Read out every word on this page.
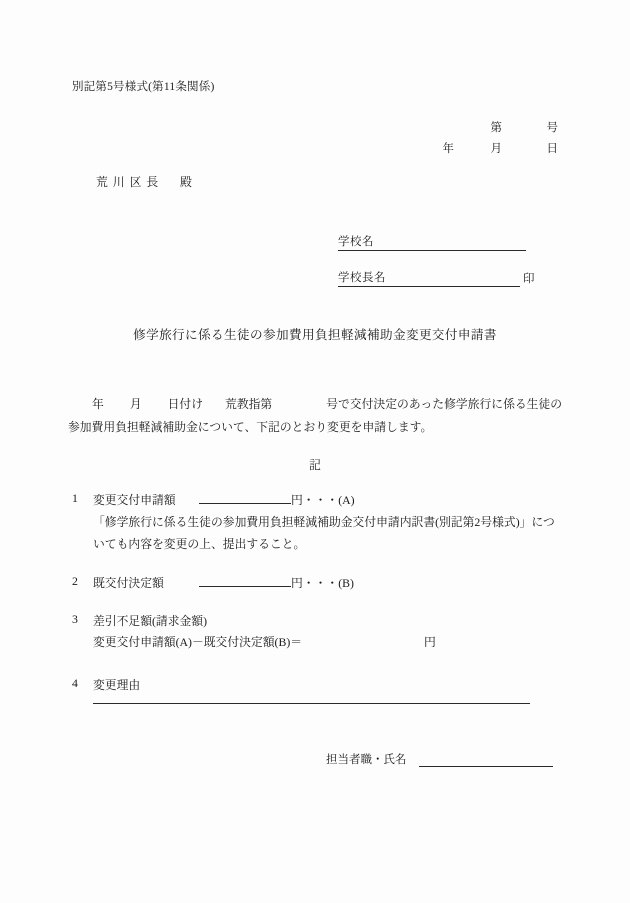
別記第5号様式(第11条関係)
第	号
年	月	日
荒川区長　殿
学校名
学校長名	印
修学旅行に係る生徒の参加費用負担軽減補助金変更交付申請書
年 月 日付け 荒教指第	号で交付決定のあった修学旅行に係る生徒の
参加費用負担軽減補助金について、下記のとおり変更を申請します。
記
1	変更交付申請額	円・・・(A)
「修学旅行に係る生徒の参加費用負担軽減補助金交付申請内訳書(別記第2号様式)」についても内容を変更の上、提出すること。
2	既交付決定額	円・・・(B)
3	差引不足額(請求金額)
変更交付申請額(A)－既交付決定額(B)＝	円
4	変更理由
担当者職・氏名
